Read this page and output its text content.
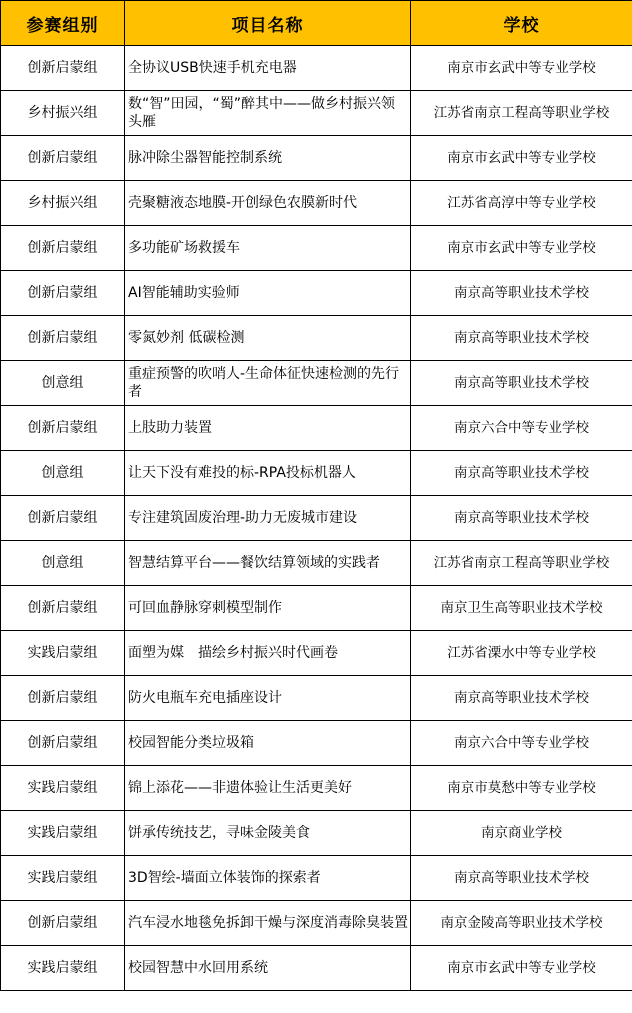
参赛组别	项目名称	学校
创新启蒙组	全协议USB快速手机充电器	南京市玄武中等专业学校
乡村振兴组	数“智”田园，“蜀”醉其中——做乡村振兴领头雁	江苏省南京工程高等职业学校
创新启蒙组	脉冲除尘器智能控制系统	南京市玄武中等专业学校
乡村振兴组	壳聚糖液态地膜-开创绿色农膜新时代	江苏省高淳中等专业学校
创新启蒙组	多功能矿场救援车	南京市玄武中等专业学校
创新启蒙组	AI智能辅助实验师	南京高等职业技术学校
创新启蒙组	零氮妙剂 低碳检测	南京高等职业技术学校
创意组	重症预警的吹哨人-生命体征快速检测的先行者	南京高等职业技术学校
创新启蒙组	上肢助力装置	南京六合中等专业学校
创意组	让天下没有难投的标-RPA投标机器人	南京高等职业技术学校
创新启蒙组	专注建筑固废治理-助力无废城市建设	南京高等职业技术学校
创意组	智慧结算平台——餐饮结算领域的实践者	江苏省南京工程高等职业学校
创新启蒙组	可回血静脉穿刺模型制作	南京卫生高等职业技术学校
实践启蒙组	面塑为媒　描绘乡村振兴时代画卷	江苏省溧水中等专业学校
创新启蒙组	防火电瓶车充电插座设计	南京高等职业技术学校
创新启蒙组	校园智能分类垃圾箱	南京六合中等专业学校
实践启蒙组	锦上添花——非遗体验让生活更美好	南京市莫愁中等专业学校
实践启蒙组	饼承传统技艺，寻味金陵美食	南京商业学校
实践启蒙组	3D智绘-墙面立体装饰的探索者	南京高等职业技术学校
创新启蒙组	汽车浸水地毯免拆卸干燥与深度消毒除臭装置	南京金陵高等职业技术学校
实践启蒙组	校园智慧中水回用系统	南京市玄武中等专业学校
